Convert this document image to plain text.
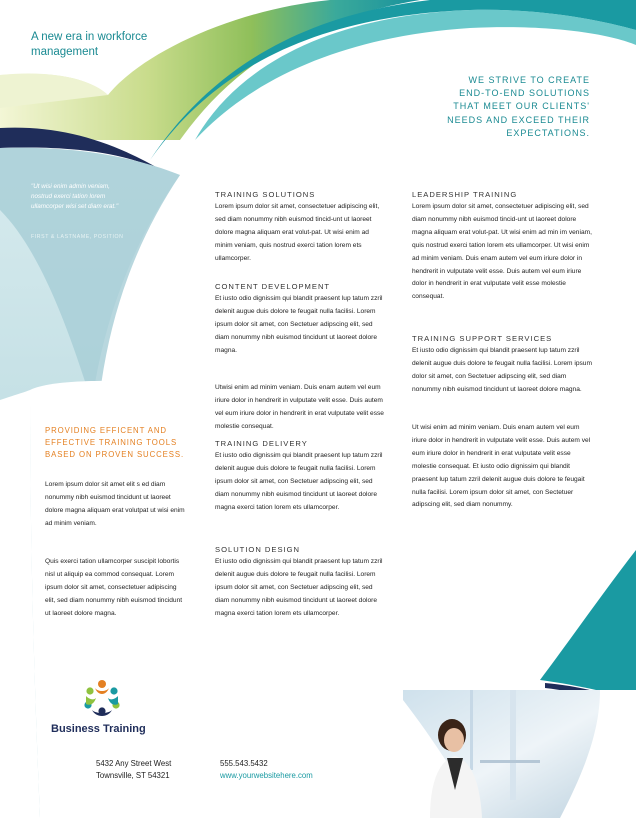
A new era in workforce management
WE STRIVE TO CREATE END-TO-END SOLUTIONS THAT MEET OUR CLIENTS' NEEDS AND EXCEED THEIR EXPECTATIONS.
"Ut wisi enim admin veniam, nostrud exerci tation lorem ullamcorper wisi set diam erat."
FIRST & LASTNAME, POSITION
TRAINING SOLUTIONS
Lorem ipsum dolor sit amet, consectetuer adipiscing elit, sed diam nonummy nibh euismod tincid-unt ut laoreet dolore magna aliquam erat volut-pat. Ut wisi enim ad minim veniam, quis nostrud exerci tation lorem ets ullamcorper.
CONTENT DEVELOPMENT
Et iusto odio dignissim qui blandit praesent lup tatum zzril delenit augue duis dolore te feugait nulla facilisi. Lorem ipsum dolor sit amet, con Sectetuer adipscing elit, sed diam nonummy nibh euismod tincidunt ut laoreet dolore magna.
Utwisi enim ad minim veniam. Duis enam autem vel eum iriure dolor in hendrerit in vulputate velit esse. Duis autem vel eum iriure dolor in hendrerit in erat vulputate velit esse molestie consequat.
TRAINING DELIVERY
Et iusto odio dignissim qui blandit praesent lup tatum zzril delenit augue duis dolore te feugait nulla facilisi. Lorem ipsum dolor sit amet, con Sectetuer adipscing elit, sed diam nonummy nibh euismod tincidunt ut laoreet dolore magna exerci tation lorem ets ullamcorper.
SOLUTION DESIGN
Et iusto odio dignissim qui blandit praesent lup tatum zzril delenit augue duis dolore te feugait nulla facilisi. Lorem ipsum dolor sit amet, con Sectetuer adipscing elit, sed diam nonummy nibh euismod tincidunt ut laoreet dolore magna exerci tation lorem ets ullamcorper.
LEADERSHIP TRAINING
Lorem ipsum dolor sit amet, consectetuer adipiscing elit, sed diam nonummy nibh euismod tincid-unt ut laoreet dolore magna aliquam erat volut-pat. Ut wisi enim ad min im veniam, quis nostrud exerci tation lorem ets ullamcorper. Ut wisi enim ad minim veniam. Duis enam autem vel eum iriure dolor in hendrerit in vulputate velit esse. Duis autem vel eum iriure dolor in hendrerit in erat vulputate velit esse molestie consequat.
TRAINING SUPPORT SERVICES
Et iusto odio dignissim qui blandit praesent lup tatum zzril delenit augue duis dolore te feugait nulla facilisi. Lorem ipsum dolor sit amet, con Sectetuer adipscing elit, sed diam nonummy nibh euismod tincidunt ut laoreet dolore magna.
Ut wisi enim ad minim veniam. Duis enam autem vel eum iriure dolor in hendrerit in vulputate velit esse. Duis autem vel eum iriure dolor in hendrerit in erat vulputate velit esse molestie consequat. Et iusto odio dignissim qui blandit praesent lup tatum zzril delenit augue duis dolore te feugait nulla facilisi. Lorem ipsum dolor sit amet, con Sectetuer adipscing elit, sed diam nonummy.
PROVIDING EFFICENT AND EFFECTIVE TRAINING TOOLS BASED ON PROVEN SUCCESS.
Lorem ipsum dolor sit amet elit s ed diam nonummy nibh euismod tincidunt ut laoreet dolore magna aliquam erat volutpat ut wisi enim ad minim veniam.
Quis exerci tation ullamcorper suscipit lobortis nisl ut aliquip ea commod consequat. Lorem ipsum dolor sit amet, consectetuer adipiscing elit, sed diam nonummy nibh euismod tincidunt ut laoreet dolore magna.
Business Training
5432 Any Street West
Townsville, ST 54321
555.543.5432
www.yourwebsitehere.com
